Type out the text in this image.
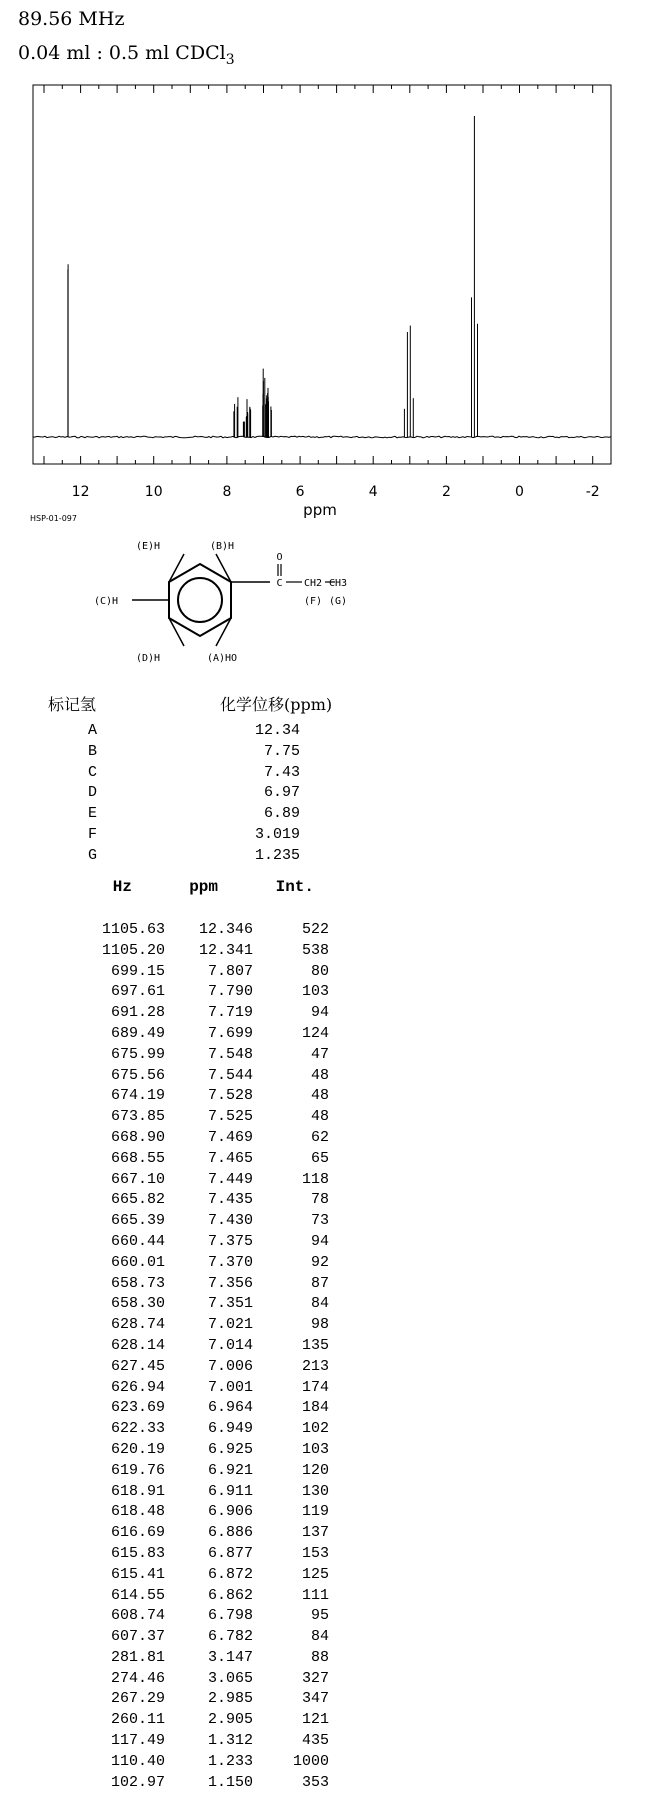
89.56 MHz
0.04 ml : 0.5 ml CDCl$_3$
12	10	8	6	4	2	0	-2
ppm
HSP-01-097
(E)H	(B)H
(C)H
(D)H	(A)HO
O
C CH2 CH3
(F) (G)
标记氢	化学位移(ppm)
A	12.34
B	7.75
C	7.43
D	6.97
E	6.89
F	3.019
G	1.235
Hz	ppm	Int.
1105.63	12.346	522
1105.20	12.341	538
699.15	7.807	80
697.61	7.790	103
691.28	7.719	94
689.49	7.699	124
675.99	7.548	47
675.56	7.544	48
674.19	7.528	48
673.85	7.525	48
668.90	7.469	62
668.55	7.465	65
667.10	7.449	118
665.82	7.435	78
665.39	7.430	73
660.44	7.375	94
660.01	7.370	92
658.73	7.356	87
658.30	7.351	84
628.74	7.021	98
628.14	7.014	135
627.45	7.006	213
626.94	7.001	174
623.69	6.964	184
622.33	6.949	102
620.19	6.925	103
619.76	6.921	120
618.91	6.911	130
618.48	6.906	119
616.69	6.886	137
615.83	6.877	153
615.41	6.872	125
614.55	6.862	111
608.74	6.798	95
607.37	6.782	84
281.81	3.147	88
274.46	3.065	327
267.29	2.985	347
260.11	2.905	121
117.49	1.312	435
110.40	1.233	1000
102.97	1.150	353
